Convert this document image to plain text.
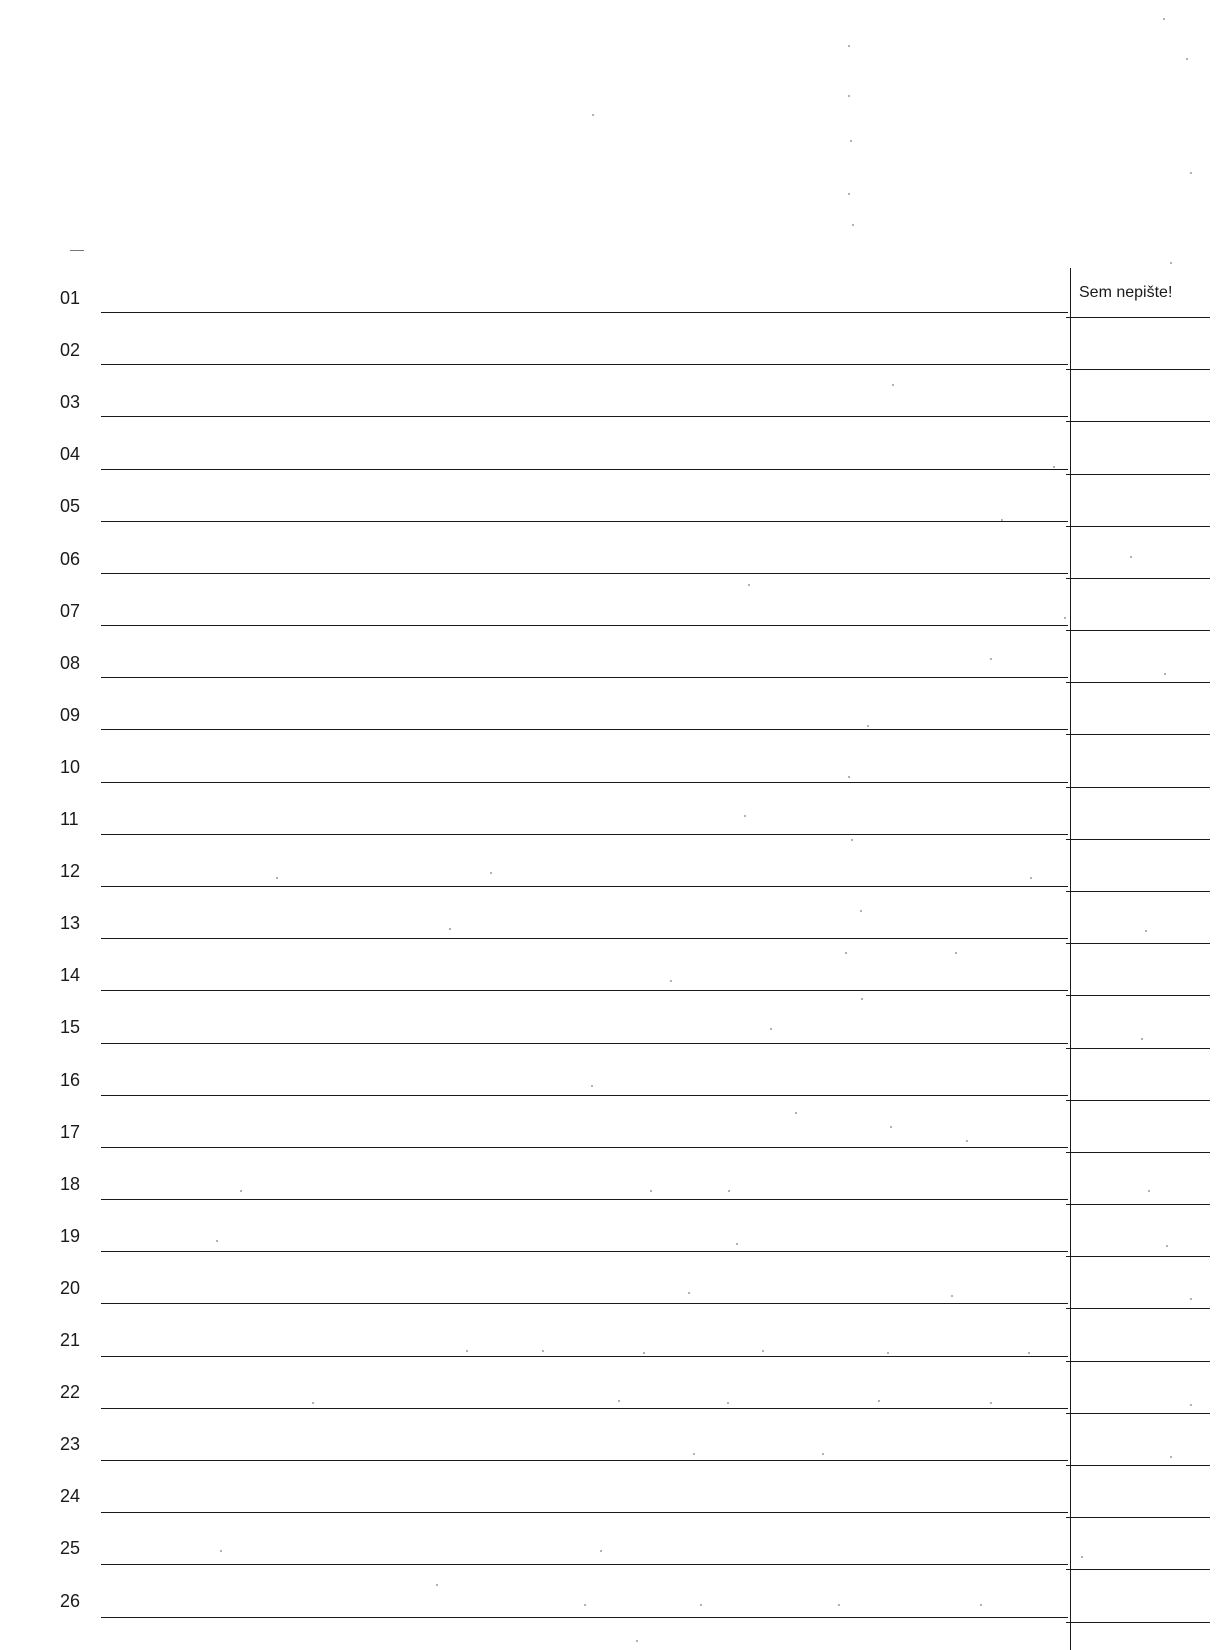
Sem nepište!
01
02
03
04
05
06
07
08
09
10
11
12
13
14
15
16
17
18
19
20
21
22
23
24
25
26
